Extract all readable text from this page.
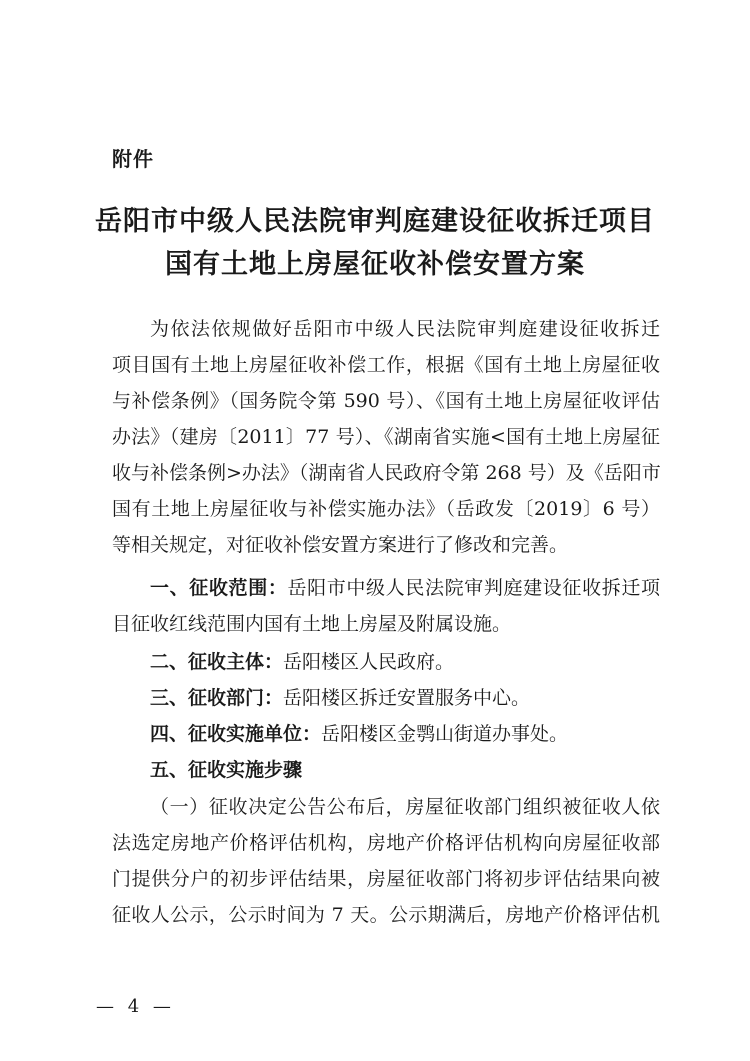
附件
岳阳市中级人民法院审判庭建设征收拆迁项目
国有土地上房屋征收补偿安置方案
为依法依规做好岳阳市中级人民法院审判庭建设征收拆迁
项目国有土地上房屋征收补偿工作，根据《国有土地上房屋征收
与补偿条例》（国务院令第 590 号）、《国有土地上房屋征收评估
办法》（建房〔2011〕77 号）、《湖南省实施<国有土地上房屋征
收与补偿条例>办法》（湖南省人民政府令第 268 号）及《岳阳市
国有土地上房屋征收与补偿实施办法》（岳政发〔2019〕6 号）
等相关规定，对征收补偿安置方案进行了修改和完善。
一、征收范围：岳阳市中级人民法院审判庭建设征收拆迁项
目征收红线范围内国有土地上房屋及附属设施。
二、征收主体：岳阳楼区人民政府。
三、征收部门：岳阳楼区拆迁安置服务中心。
四、征收实施单位：岳阳楼区金鹗山街道办事处。
五、征收实施步骤
（一）征收决定公告公布后，房屋征收部门组织被征收人依
法选定房地产价格评估机构，房地产价格评估机构向房屋征收部
门提供分户的初步评估结果，房屋征收部门将初步评估结果向被
征收人公示，公示时间为 7 天。公示期满后，房地产价格评估机
— 4 —
